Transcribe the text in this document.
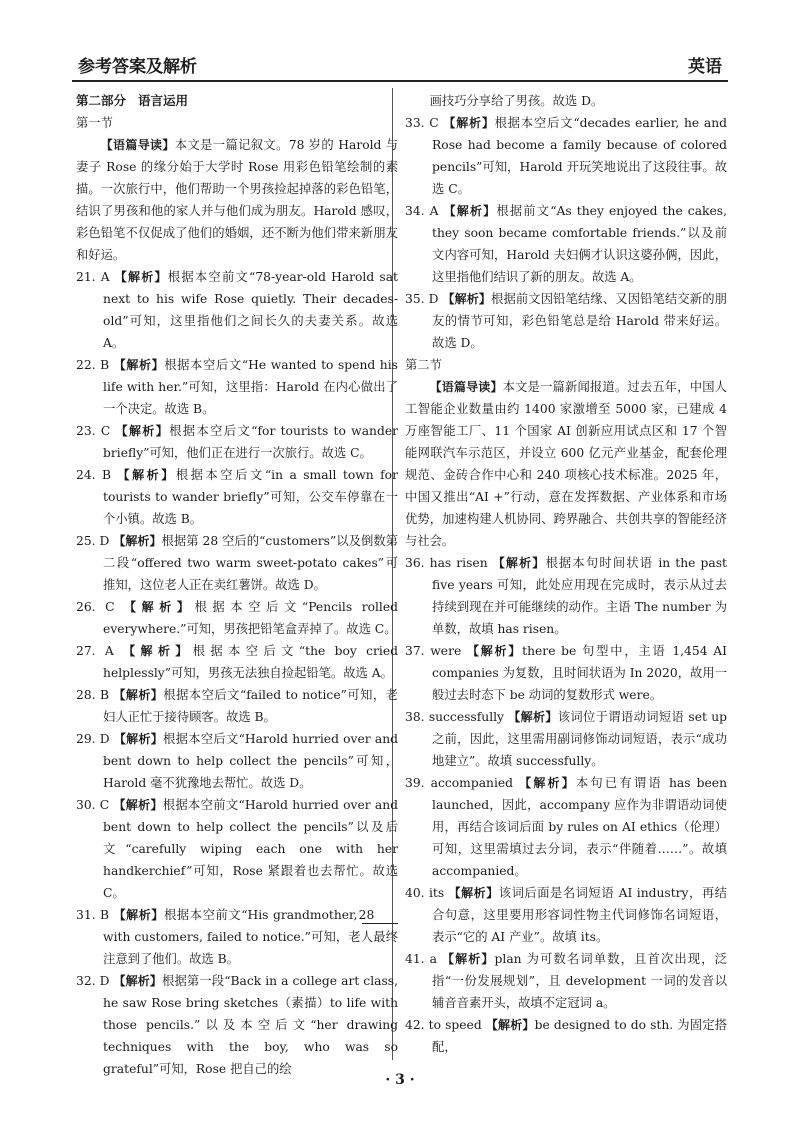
参考答案及解析	英语
第二部分 语言运用
第一节
【语篇导读】本文是一篇记叙文。78 岁的 Harold 与妻子 Rose 的缘分始于大学时 Rose 用彩色铅笔绘制的素描。一次旅行中，他们帮助一个男孩捡起掉落的彩色铅笔，结识了男孩和他的家人并与他们成为朋友。Harold 感叹，彩色铅笔不仅促成了他们的婚姻，还不断为他们带来新朋友和好运。
21. A 【解析】根据本空前文“78-year-old Harold sat next to his wife Rose quietly. Their decades-old”可知，这里指他们之间长久的夫妻关系。故选 A。
22. B 【解析】根据本空后文“He wanted to spend his life with her.”可知，这里指：Harold 在内心做出了一个决定。故选 B。
23. C 【解析】根据本空后文“for tourists to wander briefly”可知，他们正在进行一次旅行。故选 C。
24. B 【解析】根据本空后文“in a small town for tourists to wander briefly”可知，公交车停靠在一个小镇。故选 B。
25. D 【解析】根据第 28 空后的“customers”以及倒数第二段“offered two warm sweet-potato cakes”可推知，这位老人正在卖红薯饼。故选 D。
26. C 【解析】根据本空后文“Pencils rolled everywhere.”可知，男孩把铅笔盒弄掉了。故选 C。
27. A 【解析】根据本空后文“the boy cried helplessly”可知，男孩无法独自捡起铅笔。故选 A。
28. B 【解析】根据本空后文“failed to notice”可知，老妇人正忙于接待顾客。故选 B。
29. D 【解析】根据本空后文“Harold hurried over and bent down to help collect the pencils”可知，Harold 毫不犹豫地去帮忙。故选 D。
30. C 【解析】根据本空前文“Harold hurried over and bent down to help collect the pencils”以及后文“carefully wiping each one with her handkerchief”可知，Rose 紧跟着也去帮忙。故选 C。
31. B 【解析】根据本空前文“His grandmother, 28 with customers, failed to notice.”可知，老人最终注意到了他们。故选 B。
32. D 【解析】根据第一段“Back in a college art class, he saw Rose bring sketches（素描）to life with those pencils.”以及本空后文“her drawing techniques with the boy, who was so grateful”可知，Rose 把自己的绘
画技巧分享给了男孩。故选 D。
33. C 【解析】根据本空后文“decades earlier, he and Rose had become a family because of colored pencils”可知，Harold 开玩笑地说出了这段往事。故选 C。
34. A 【解析】根据前文“As they enjoyed the cakes, they soon became comfortable friends.”以及前文内容可知，Harold 夫妇俩才认识这婆孙俩，因此，这里指他们结识了新的朋友。故选 A。
35. D 【解析】根据前文因铅笔结缘、又因铅笔结交新的朋友的情节可知，彩色铅笔总是给 Harold 带来好运。故选 D。
第二节
【语篇导读】本文是一篇新闻报道。过去五年，中国人工智能企业数量由约 1400 家激增至 5000 家，已建成 4 万座智能工厂、11 个国家 AI 创新应用试点区和 17 个智能网联汽车示范区，并设立 600 亿元产业基金，配套伦理规范、金砖合作中心和 240 项核心技术标准。2025 年，中国又推出“AI +”行动，意在发挥数据、产业体系和市场优势，加速构建人机协同、跨界融合、共创共享的智能经济与社会。
36. has risen 【解析】根据本句时间状语 in the past five years 可知，此处应用现在完成时，表示从过去持续到现在并可能继续的动作。主语 The number 为单数，故填 has risen。
37. were 【解析】there be 句型中，主语 1,454 AI companies 为复数，且时间状语为 In 2020，故用一般过去时态下 be 动词的复数形式 were。
38. successfully 【解析】该词位于谓语动词短语 set up 之前，因此，这里需用副词修饰动词短语，表示“成功地建立”。故填 successfully。
39. accompanied 【解析】本句已有谓语 has been launched，因此，accompany 应作为非谓语动词使用，再结合该词后面 by rules on AI ethics（伦理）可知，这里需填过去分词，表示“伴随着……”。故填 accompanied。
40. its 【解析】该词后面是名词短语 AI industry，再结合句意，这里要用形容词性物主代词修饰名词短语，表示“它的 AI 产业”。故填 its。
41. a 【解析】plan 为可数名词单数，且首次出现，泛指“一份发展规划”，且 development 一词的发音以辅音音素开头，故填不定冠词 a。
42. to speed 【解析】be designed to do sth. 为固定搭配，
· 3 ·
